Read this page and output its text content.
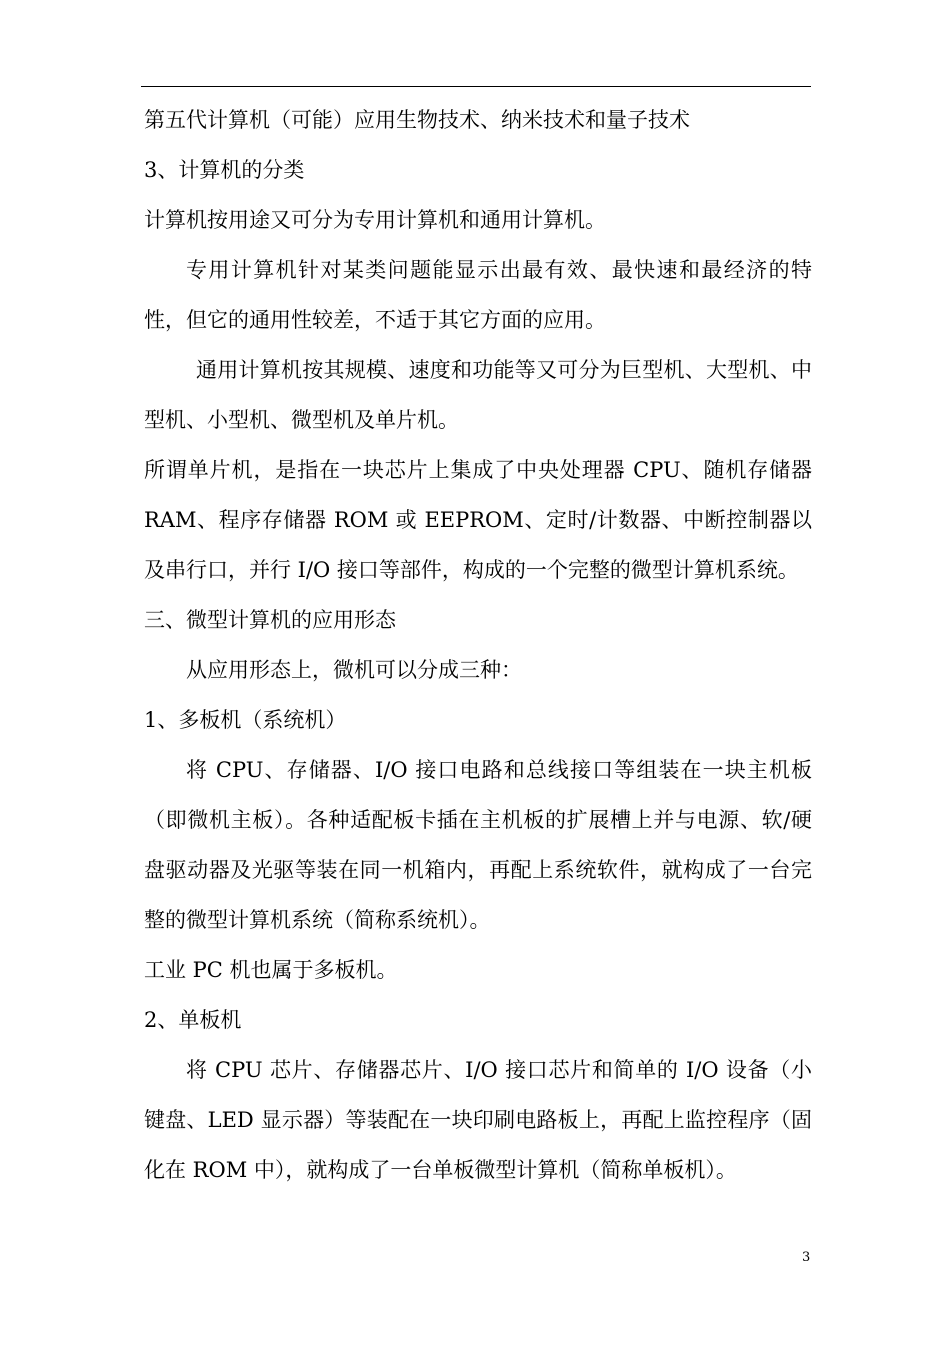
第五代计算机（可能）应用生物技术、纳米技术和量子技术

3、计算机的分类

计算机按用途又可分为专用计算机和通用计算机。

专用计算机针对某类问题能显示出最有效、最快速和最经济的特性，但它的通用性较差，不适于其它方面的应用。

通用计算机按其规模、速度和功能等又可分为巨型机、大型机、中型机、小型机、微型机及单片机。

所谓单片机，是指在一块芯片上集成了中央处理器 CPU、随机存储器 RAM、程序存储器 ROM 或 EEPROM、定时/计数器、中断控制器以及串行口，并行 I/O 接口等部件，构成的一个完整的微型计算机系统。

三、微型计算机的应用形态

从应用形态上，微机可以分成三种：

1、多板机（系统机）

将 CPU、存储器、I/O 接口电路和总线接口等组装在一块主机板（即微机主板）。各种适配板卡插在主机板的扩展槽上并与电源、软/硬盘驱动器及光驱等装在同一机箱内，再配上系统软件，就构成了一台完整的微型计算机系统（简称系统机）。

工业 PC 机也属于多板机。

2、单板机

将 CPU 芯片、存储器芯片、I/O 接口芯片和简单的 I/O 设备（小键盘、LED 显示器）等装配在一块印刷电路板上，再配上监控程序（固化在 ROM 中），就构成了一台单板微型计算机（简称单板机）。

3
